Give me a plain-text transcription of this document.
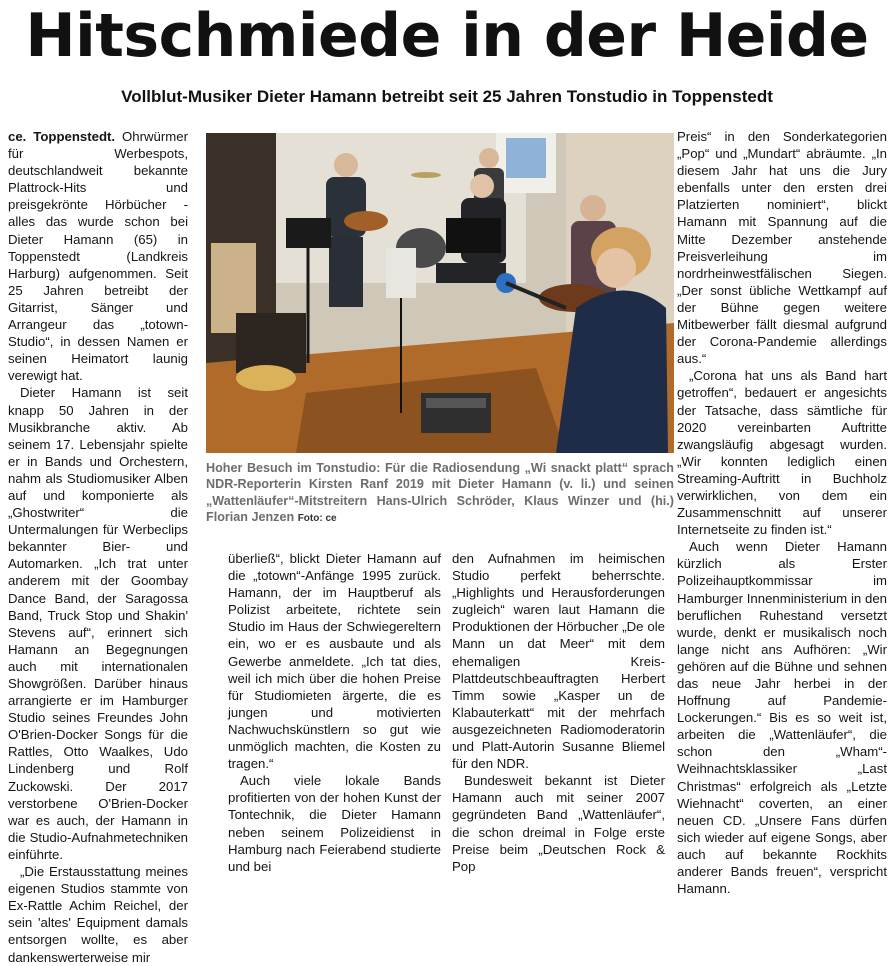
Hitschmiede in der Heide
Vollblut-Musiker Dieter Hamann betreibt seit 25 Jahren Tonstudio in Toppenstedt

ce. Toppenstedt. Ohrwürmer für Werbespots, deutschlandweit bekannte Plattrock-Hits und preisgekrönte Hörbücher - alles das wurde schon bei Dieter Hamann (65) in Toppenstedt (Landkreis Harburg) aufgenommen. Seit 25 Jahren betreibt der Gitarrist, Sänger und Arrangeur das „totown-Studio“, in dessen Namen er seinen Heimatort launig verewigt hat.

Dieter Hamann ist seit knapp 50 Jahren in der Musikbranche aktiv. Ab seinem 17. Lebensjahr spielte er in Bands und Orchestern, nahm als Studiomusiker Alben auf und komponierte als „Ghostwriter“ die Untermalungen für Werbeclips bekannter Bier- und Automarken. „Ich trat unter anderem mit der Goombay Dance Band, der Saragossa Band, Truck Stop und Shakin' Stevens auf“, erinnert sich Hamann an Begegnungen auch mit internationalen Showgrößen. Darüber hinaus arrangierte er im Hamburger Studio seines Freundes John O'Brien-Docker Songs für die Rattles, Otto Waalkes, Udo Lindenberg und Rolf Zuckowski. Der 2017 verstorbene O'Brien-Docker war es auch, der Hamann in die Studio-Aufnahmetechniken einführte.

„Die Erstausstattung meines eigenen Studios stammte von Ex-Rattle Achim Reichel, der sein 'altes' Equipment damals entsorgen wollte, es aber dankenswerterweise mir

Hoher Besuch im Tonstudio: Für die Radiosendung „Wi snackt platt“ sprach NDR-Reporterin Kirsten Ranf 2019 mit Dieter Hamann (v. li.) und seinen „Wattenläufer“-Mitstreitern Hans-Ulrich Schröder, Klaus Winzer und (hi.) Florian Jenzen Foto: ce

überließ“, blickt Dieter Hamann auf die „totown“-Anfänge 1995 zurück. Hamann, der im Hauptberuf als Polizist arbeitete, richtete sein Studio im Haus der Schwiegereltern ein, wo er es ausbaute und als Gewerbe anmeldete. „Ich tat dies, weil ich mich über die hohen Preise für Studiomieten ärgerte, die es jungen und motivierten Nachwuchskünstlern so gut wie unmöglich machten, die Kosten zu tragen.“

Auch viele lokale Bands profitierten von der hohen Kunst der Tontechnik, die Dieter Hamann neben seinem Polizeidienst in Hamburg nach Feierabend studierte und bei

den Aufnahmen im heimischen Studio perfekt beherrschte. „Highlights und Herausforderungen zugleich“ waren laut Hamann die Produktionen der Hörbucher „De ole Mann un dat Meer“ mit dem ehemaligen Kreis-Plattdeutschbeauftragten Herbert Timm sowie „Kasper un de Klabauterkatt“ mit der mehrfach ausgezeichneten Radiomoderatorin und Platt-Autorin Susanne Bliemel für den NDR.

Bundesweit bekannt ist Dieter Hamann auch mit seiner 2007 gegründeten Band „Wattenläufer“, die schon dreimal in Folge erste Preise beim „Deutschen Rock & Pop

Preis“ in den Sonderkategorien „Pop“ und „Mundart“ abräumte. „In diesem Jahr hat uns die Jury ebenfalls unter den ersten drei Platzierten nominiert“, blickt Hamann mit Spannung auf die Mitte Dezember anstehende Preisverleihung im nordrheinwestfälischen Siegen. „Der sonst übliche Wettkampf auf der Bühne gegen weitere Mitbewerber fällt diesmal aufgrund der Corona-Pandemie allerdings aus.“

„Corona hat uns als Band hart getroffen“, bedauert er angesichts der Tatsache, dass sämtliche für 2020 vereinbarten Auftritte zwangsläufig abgesagt wurden. „Wir konnten lediglich einen Streaming-Auftritt in Buchholz verwirklichen, von dem ein Zusammenschnitt auf unserer Internetseite zu finden ist.“

Auch wenn Dieter Hamann kürzlich als Erster Polizeihauptkommissar im Hamburger Innenministerium in den beruflichen Ruhestand versetzt wurde, denkt er musikalisch noch lange nicht ans Aufhören: „Wir gehören auf die Bühne und sehnen das neue Jahr herbei in der Hoffnung auf Pandemie-Lockerungen.“ Bis es so weit ist, arbeiten die „Wattenläufer“, die schon den „Wham“-Weihnachtsklassiker „Last Christmas“ erfolgreich als „Letzte Wiehnacht“ coverten, an einer neuen CD. „Unsere Fans dürfen sich wieder auf eigene Songs, aber auch auf bekannte Rockhits anderer Bands freuen“, verspricht Hamann.
